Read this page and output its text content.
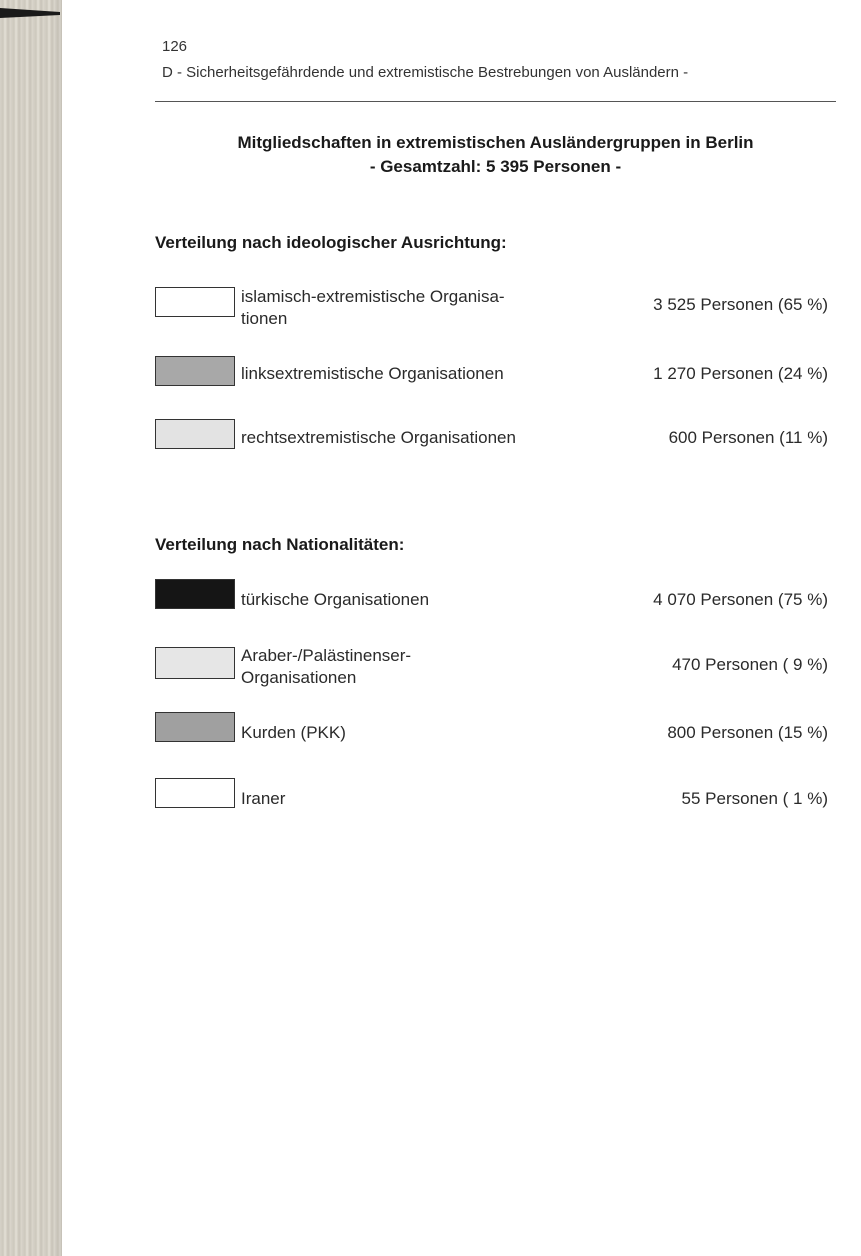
126
D - Sicherheitsgefährdende und extremistische Bestrebungen von Ausländern -
Mitgliedschaften in extremistischen Ausländergruppen in Berlin
- Gesamtzahl: 5 395 Personen -
Verteilung nach ideologischer Ausrichtung:
islamisch-extremistische Organisa-
tionen
3 525 Personen (65 %)
linksextremistische Organisationen	1 270 Personen (24 %)
rechtsextremistische Organisationen	600 Personen (11 %)
Verteilung nach Nationalitäten:
türkische Organisationen	4 070 Personen (75 %)
Araber-/Palästinenser-
Organisationen
470 Personen ( 9 %)
Kurden (PKK)	800 Personen (15 %)
Iraner	55 Personen ( 1 %)
